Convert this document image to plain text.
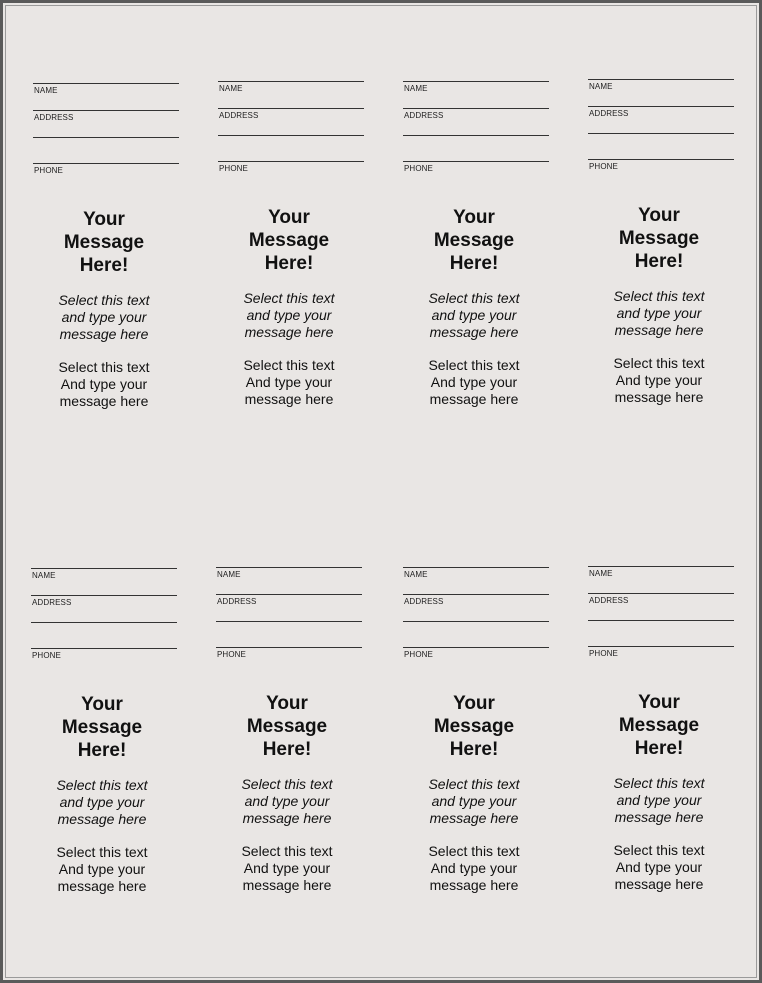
NAME
ADDRESS
PHONE
Your
Message
Here!
Select this text
and type your
message here
Select this text
And type your
message here
NAME
ADDRESS
PHONE
Your
Message
Here!
Select this text
and type your
message here
Select this text
And type your
message here
NAME
ADDRESS
PHONE
Your
Message
Here!
Select this text
and type your
message here
Select this text
And type your
message here
NAME
ADDRESS
PHONE
Your
Message
Here!
Select this text
and type your
message here
Select this text
And type your
message here
NAME
ADDRESS
PHONE
Your
Message
Here!
Select this text
and type your
message here
Select this text
And type your
message here
NAME
ADDRESS
PHONE
Your
Message
Here!
Select this text
and type your
message here
Select this text
And type your
message here
NAME
ADDRESS
PHONE
Your
Message
Here!
Select this text
and type your
message here
Select this text
And type your
message here
NAME
ADDRESS
PHONE
Your
Message
Here!
Select this text
and type your
message here
Select this text
And type your
message here
